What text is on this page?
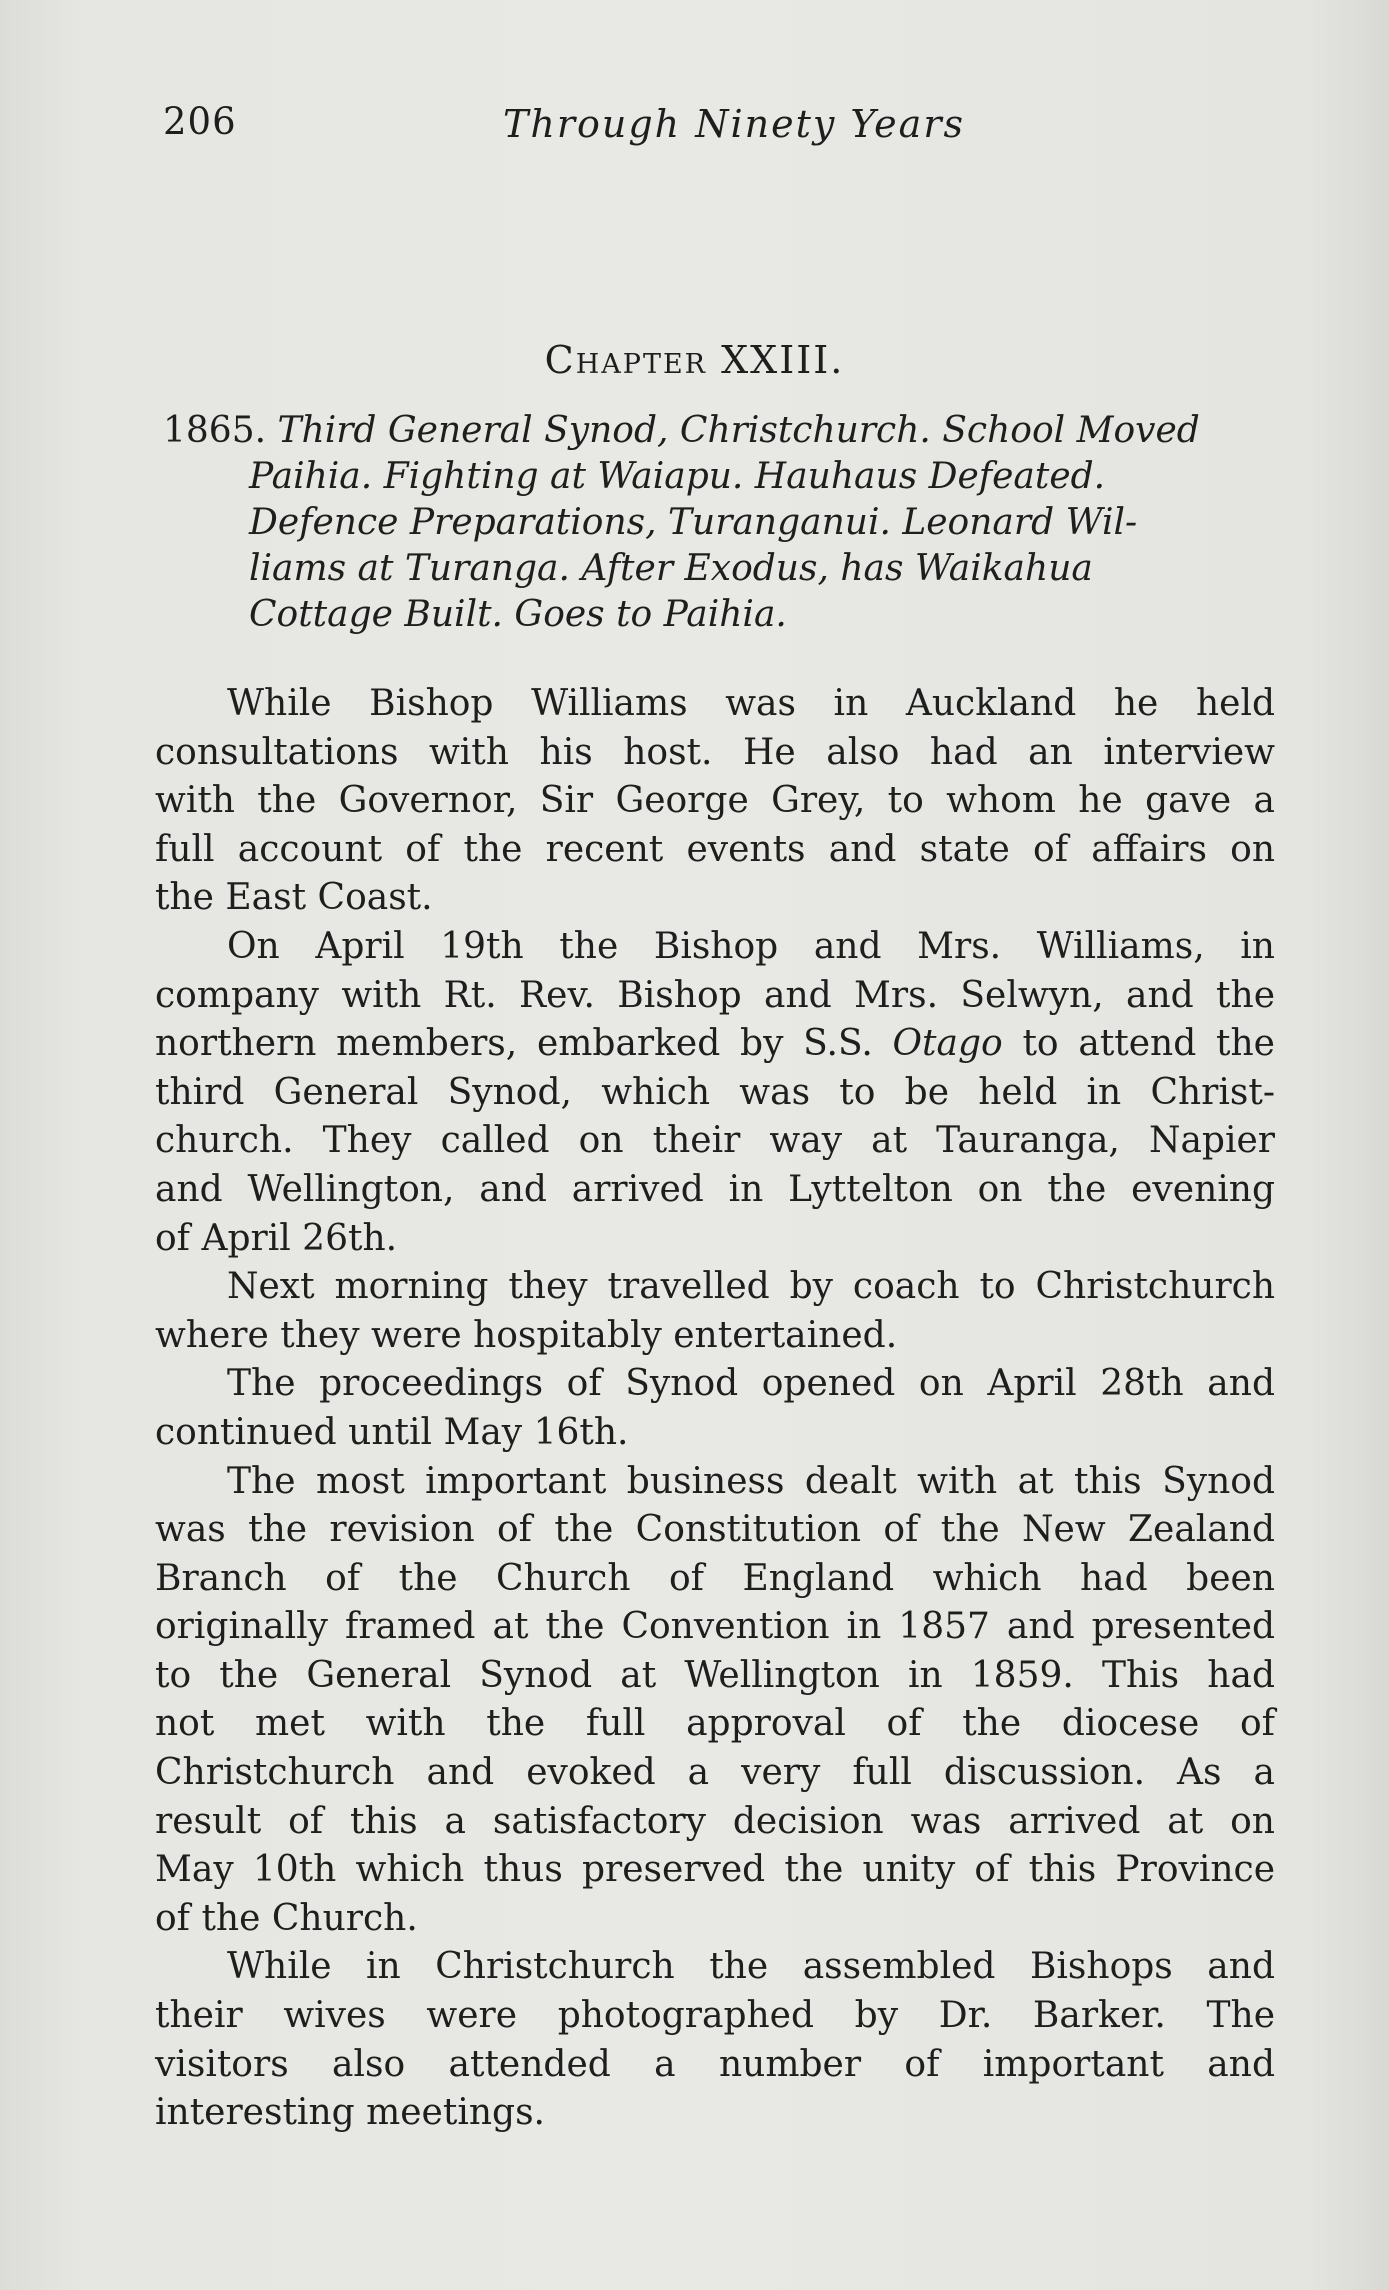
206	Through Ninety Years
Chapter XXIII.
1865. Third General Synod, Christchurch. School Moved
Paihia. Fighting at Waiapu. Hauhaus Defeated.
Defence Preparations, Turanganui. Leonard Wil-
liams at Turanga. After Exodus, has Waikahua
Cottage Built. Goes to Paihia.
While Bishop Williams was in Auckland he held
consultations with his host. He also had an interview
with the Governor, Sir George Grey, to whom he gave a
full account of the recent events and state of affairs on
the East Coast.
On April 19th the Bishop and Mrs. Williams, in
company with Rt. Rev. Bishop and Mrs. Selwyn, and the
northern members, embarked by S.S. Otago to attend the
third General Synod, which was to be held in Christ-
church. They called on their way at Tauranga, Napier
and Wellington, and arrived in Lyttelton on the evening
of April 26th.
Next morning they travelled by coach to Christchurch
where they were hospitably entertained.
The proceedings of Synod opened on April 28th and
continued until May 16th.
The most important business dealt with at this Synod
was the revision of the Constitution of the New Zealand
Branch of the Church of England which had been
originally framed at the Convention in 1857 and presented
to the General Synod at Wellington in 1859. This had
not met with the full approval of the diocese of
Christchurch and evoked a very full discussion. As a
result of this a satisfactory decision was arrived at on
May 10th which thus preserved the unity of this Province
of the Church.
While in Christchurch the assembled Bishops and
their wives were photographed by Dr. Barker. The
visitors also attended a number of important and
interesting meetings.
